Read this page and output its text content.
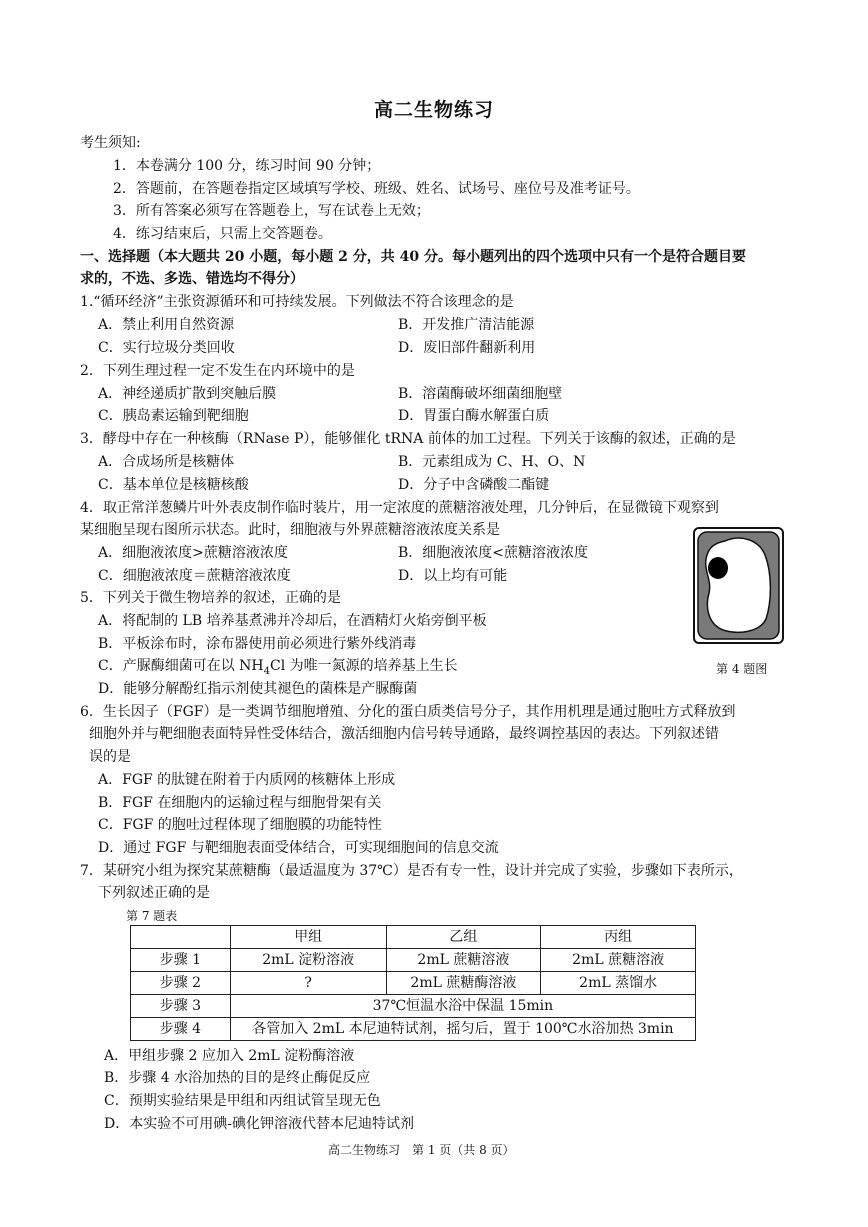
高二生物练习
考生须知:
1．本卷满分 100 分，练习时间 90 分钟；
2．答题前，在答题卷指定区域填写学校、班级、姓名、试场号、座位号及准考证号。
3．所有答案必须写在答题卷上，写在试卷上无效；
4．练习结束后，只需上交答题卷。
一、选择题（本大题共 20 小题，每小题 2 分，共 40 分。每小题列出的四个选项中只有一个是符合题目要
求的，不选、多选、错选均不得分）
1.“循环经济”主张资源循环和可持续发展。下列做法不符合该理念的是
A．禁止利用自然资源	B．开发推广清洁能源
C．实行垃圾分类回收	D．废旧部件翻新利用
2．下列生理过程一定不发生在内环境中的是
A．神经递质扩散到突触后膜	B．溶菌酶破坏细菌细胞壁
C．胰岛素运输到靶细胞	D．胃蛋白酶水解蛋白质
3．酵母中存在一种核酶（RNase P），能够催化 tRNA 前体的加工过程。下列关于该酶的叙述，正确的是
A．合成场所是核糖体	B．元素组成为 C、H、O、N
C．基本单位是核糖核酸	D．分子中含磷酸二酯键
4．取正常洋葱鳞片叶外表皮制作临时装片，用一定浓度的蔗糖溶液处理，几分钟后，在显微镜下观察到
某细胞呈现右图所示状态。此时，细胞液与外界蔗糖溶液浓度关系是
A．细胞液浓度>蔗糖溶液浓度	B．细胞液浓度<蔗糖溶液浓度
C．细胞液浓度＝蔗糖溶液浓度	D．以上均有可能
第 4 题图
5．下列关于微生物培养的叙述，正确的是
A．将配制的 LB 培养基煮沸并冷却后，在酒精灯火焰旁倒平板
B．平板涂布时，涂布器使用前必须进行紫外线消毒
C．产脲酶细菌可在以 $NH_4Cl$ 为唯一氮源的培养基上生长
D．能够分解酚红指示剂使其褪色的菌株是产脲酶菌
6．生长因子（FGF）是一类调节细胞增殖、分化的蛋白质类信号分子，其作用机理是通过胞吐方式释放到
细胞外并与靶细胞表面特异性受体结合，激活细胞内信号转导通路，最终调控基因的表达。下列叙述错
误的是
A．FGF 的肽键在附着于内质网的核糖体上形成
B．FGF 在细胞内的运输过程与细胞骨架有关
C．FGF 的胞吐过程体现了细胞膜的功能特性
D．通过 FGF 与靶细胞表面受体结合，可实现细胞间的信息交流
7．某研究小组为探究某蔗糖酶（最适温度为 37℃）是否有专一性，设计并完成了实验，步骤如下表所示，
下列叙述正确的是
第 7 题表
	甲组	乙组	丙组
步骤 1	2mL 淀粉溶液	2mL 蔗糖溶液	2mL 蔗糖溶液
步骤 2	?	2mL 蔗糖酶溶液	2mL 蒸馏水
步骤 3	37℃恒温水浴中保温 15min		
步骤 4	各管加入 2mL 本尼迪特试剂，摇匀后，置于 100℃水浴加热 3min		
A．甲组步骤 2 应加入 2mL 淀粉酶溶液
B．步骤 4 水浴加热的目的是终止酶促反应
C．预期实验结果是甲组和丙组试管呈现无色
D．本实验不可用碘-碘化钾溶液代替本尼迪特试剂
高二生物练习　第 1 页（共 8 页）
